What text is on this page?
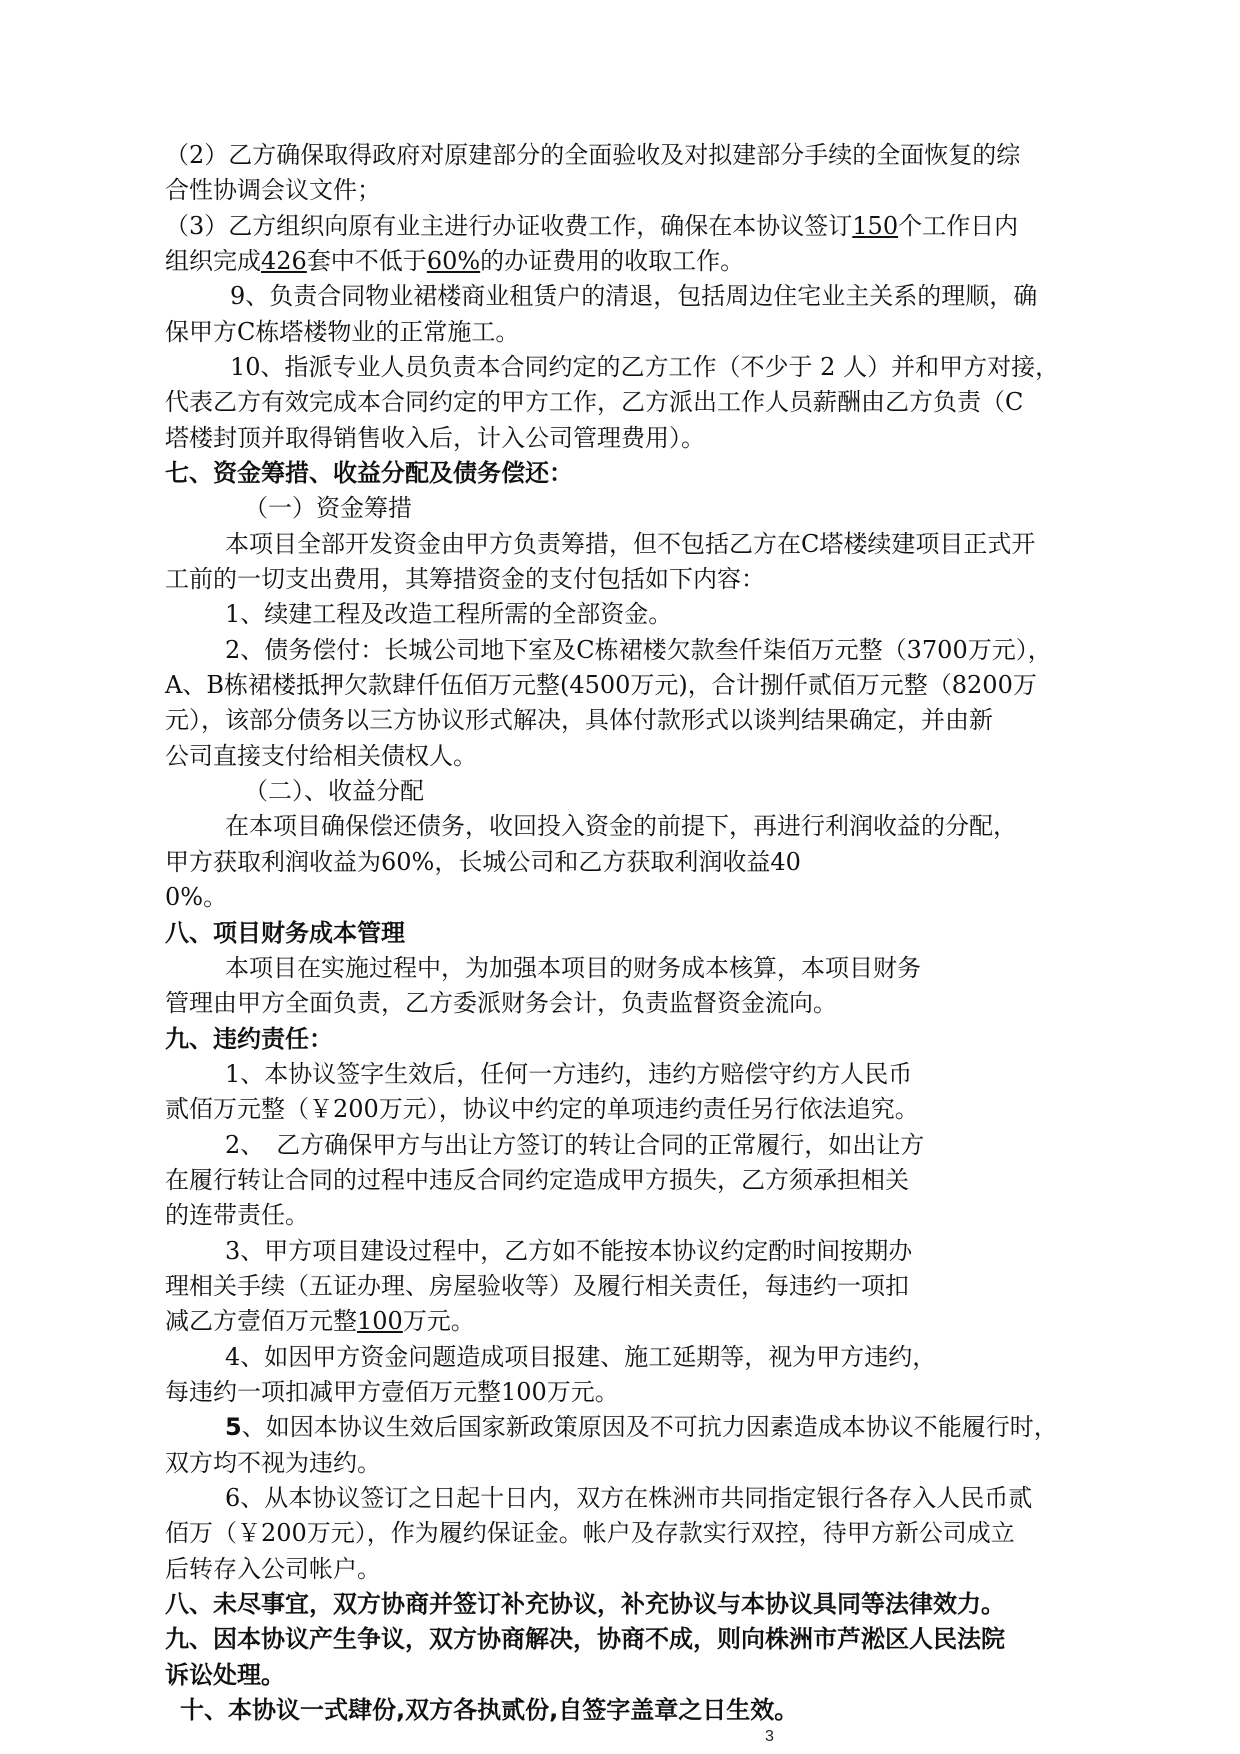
（2）乙方确保取得政府对原建部分的全面验收及对拟建部分手续的全面恢复的综

合性协调会议文件；

（3）乙方组织向原有业主进行办证收费工作，确保在本协议签订150个工作日内

组织完成426套中不低于60%的办证费用的收取工作。

9、负责合同物业裙楼商业租赁户的清退，包括周边住宅业主关系的理顺，确

保甲方C栋塔楼物业的正常施工。

10、指派专业人员负责本合同约定的乙方工作（不少于 2 人）并和甲方对接，

代表乙方有效完成本合同约定的甲方工作，乙方派出工作人员薪酬由乙方负责（C

塔楼封顶并取得销售收入后，计入公司管理费用）。

七、资金筹措、收益分配及债务偿还：

（一）资金筹措

本项目全部开发资金由甲方负责筹措，但不包括乙方在C塔楼续建项目正式开

工前的一切支出费用，其筹措资金的支付包括如下内容：

1、续建工程及改造工程所需的全部资金。

2、债务偿付：长城公司地下室及C栋裙楼欠款叁仟柒佰万元整（3700万元），

A、B栋裙楼抵押欠款肆仟伍佰万元整(4500万元)，合计捌仟贰佰万元整（8200万

元），该部分债务以三方协议形式解决，具体付款形式以谈判结果确定，并由新

公司直接支付给相关债权人。

（二）、收益分配

在本项目确保偿还债务，收回投入资金的前提下，再进行利润收益的分配，

甲方获取利润收益为60%，长城公司和乙方获取利润收益40

0%。

八、项目财务成本管理

本项目在实施过程中，为加强本项目的财务成本核算，本项目财务

管理由甲方全面负责，乙方委派财务会计，负责监督资金流向。

九、违约责任：

1、本协议签字生效后，任何一方违约，违约方赔偿守约方人民币

贰佰万元整（￥200万元），协议中约定的单项违约责任另行依法追究。

2、　乙方确保甲方与出让方签订的转让合同的正常履行，如出让方

在履行转让合同的过程中违反合同约定造成甲方损失，乙方须承担相关

的连带责任。

3、甲方项目建设过程中，乙方如不能按本协议约定酌时间按期办

理相关手续（五证办理、房屋验收等）及履行相关责任，每违约一项扣

减乙方壹佰万元整100万元。

4、如因甲方资金问题造成项目报建、施工延期等，视为甲方违约，

每违约一项扣减甲方壹佰万元整100万元。

5、如因本协议生效后国家新政策原因及不可抗力因素造成本协议不能履行时，

双方均不视为违约。

6、从本协议签订之日起十日内，双方在株洲市共同指定银行各存入人民币贰

佰万（￥200万元），作为履约保证金。帐户及存款实行双控，待甲方新公司成立

后转存入公司帐户。

八、未尽事宜，双方协商并签订补充协议，补充协议与本协议具同等法律效力。

九、因本协议产生争议，双方协商解决，协商不成，则向株洲市芦淞区人民法院

诉讼处理。

十、本协议一式肆份,双方各执贰份,自签字盖章之日生效。

3
